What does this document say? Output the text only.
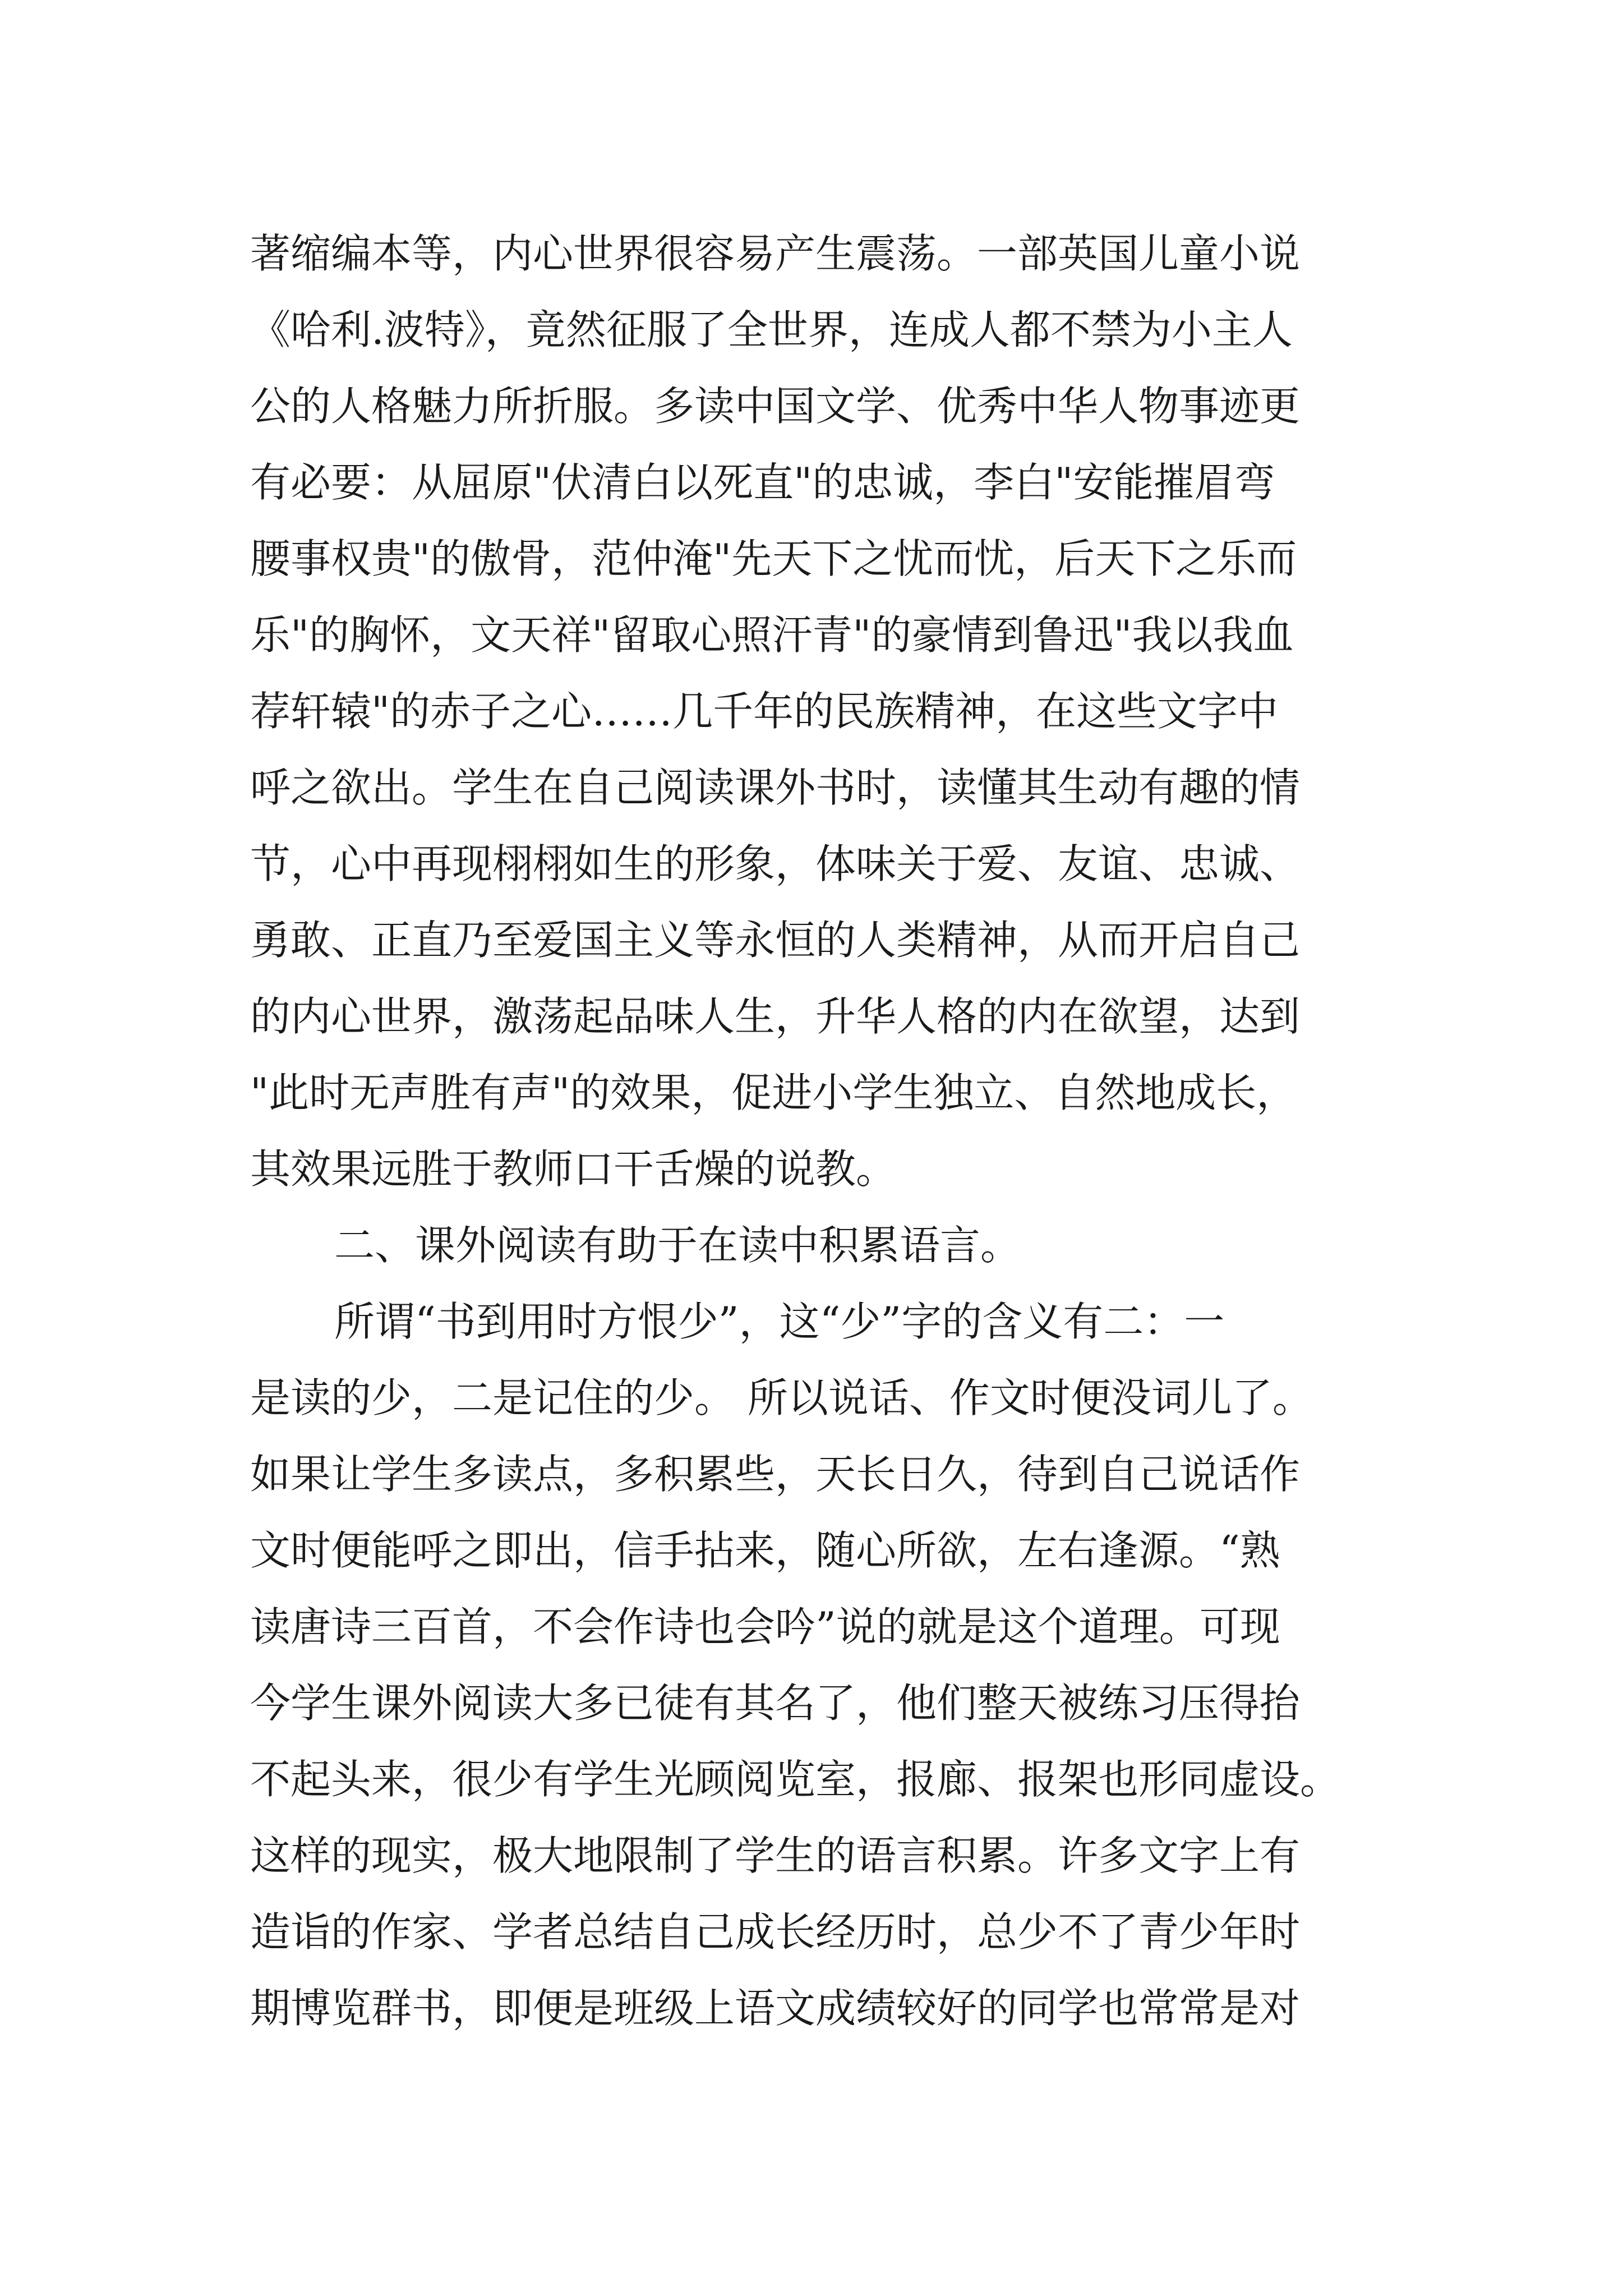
著缩编本等，内心世界很容易产生震荡。一部英国儿童小说
《哈利.波特》，竟然征服了全世界，连成人都不禁为小主人
公的人格魅力所折服。多读中国文学、优秀中华人物事迹更
有必要：从屈原"伏清白以死直"的忠诚，李白"安能摧眉弯
腰事权贵"的傲骨，范仲淹"先天下之忧而忧，后天下之乐而
乐"的胸怀，文天祥"留取心照汗青"的豪情到鲁迅"我以我血
荐轩辕"的赤子之心……几千年的民族精神，在这些文字中
呼之欲出。学生在自己阅读课外书时，读懂其生动有趣的情
节，心中再现栩栩如生的形象，体味关于爱、友谊、忠诚、
勇敢、正直乃至爱国主义等永恒的人类精神，从而开启自己
的内心世界，激荡起品味人生，升华人格的内在欲望，达到
"此时无声胜有声"的效果，促进小学生独立、自然地成长，
其效果远胜于教师口干舌燥的说教。
二、课外阅读有助于在读中积累语言。
所谓“书到用时方恨少”，这“少”字的含义有二：一
是读的少，二是记住的少。 所以说话、作文时便没词儿了。
如果让学生多读点，多积累些，天长日久，待到自己说话作
文时便能呼之即出，信手拈来，随心所欲，左右逢源。“熟
读唐诗三百首，不会作诗也会吟”说的就是这个道理。可现
今学生课外阅读大多已徒有其名了，他们整天被练习压得抬
不起头来，很少有学生光顾阅览室，报廊、报架也形同虚设。
这样的现实，极大地限制了学生的语言积累。许多文字上有
造诣的作家、学者总结自己成长经历时，总少不了青少年时
期博览群书，即便是班级上语文成绩较好的同学也常常是对
